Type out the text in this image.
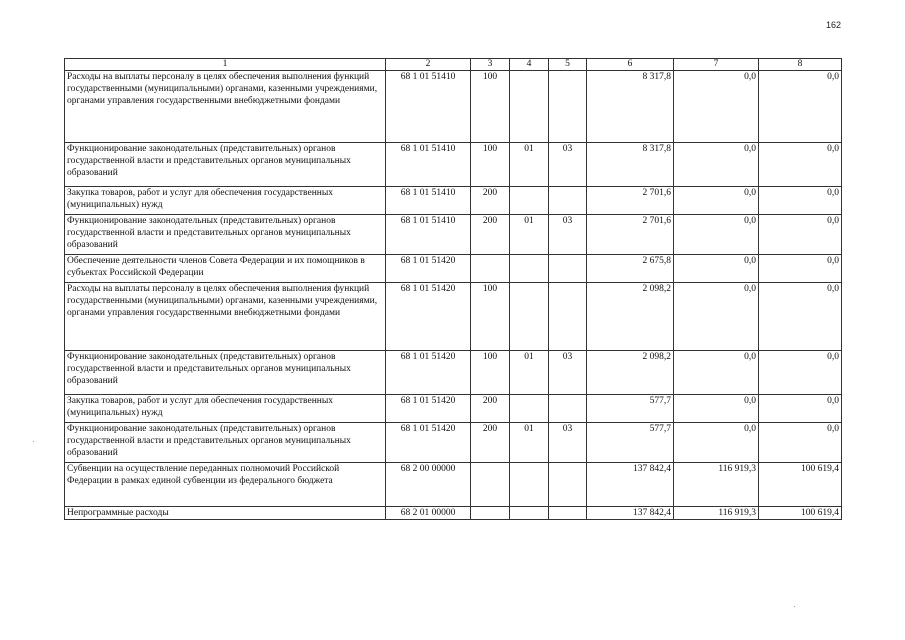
162
1	2	3	4	5	6	7	8
Расходы на выплаты персоналу в целях обеспечения выполнения функций государственными (муниципальными) органами, казенными учреждениями, органами управления государственными внебюджетными фондами	68 1 01 51410	100			8 317,8	0,0	0,0
Функционирование законодательных (представительных) органов государственной власти и представительных органов муниципальных образований	68 1 01 51410	100	01	03	8 317,8	0,0	0,0
Закупка товаров, работ и услуг для обеспечения государственных (муниципальных) нужд	68 1 01 51410	200			2 701,6	0,0	0,0
Функционирование законодательных (представительных) органов государственной власти и представительных органов муниципальных образований	68 1 01 51410	200	01	03	2 701,6	0,0	0,0
Обеспечение деятельности членов Совета Федерации и их помощников в субъектах Российской Федерации	68 1 01 51420				2 675,8	0,0	0,0
Расходы на выплаты персоналу в целях обеспечения выполнения функций государственными (муниципальными) органами, казенными учреждениями, органами управления государственными внебюджетными фондами	68 1 01 51420	100			2 098,2	0,0	0,0
Функционирование законодательных (представительных) органов государственной власти и представительных органов муниципальных образований	68 1 01 51420	100	01	03	2 098,2	0,0	0,0
Закупка товаров, работ и услуг для обеспечения государственных (муниципальных) нужд	68 1 01 51420	200			577,7	0,0	0,0
Функционирование законодательных (представительных) органов государственной власти и представительных органов муниципальных образований	68 1 01 51420	200	01	03	577,7	0,0	0,0
Субвенции на осуществление переданных полномочий Российской Федерации в рамках единой субвенции из федерального бюджета	68 2 00 00000				137 842,4	116 919,3	100 619,4
Непрограммные расходы	68 2 01 00000				137 842,4	116 919,3	100 619,4
